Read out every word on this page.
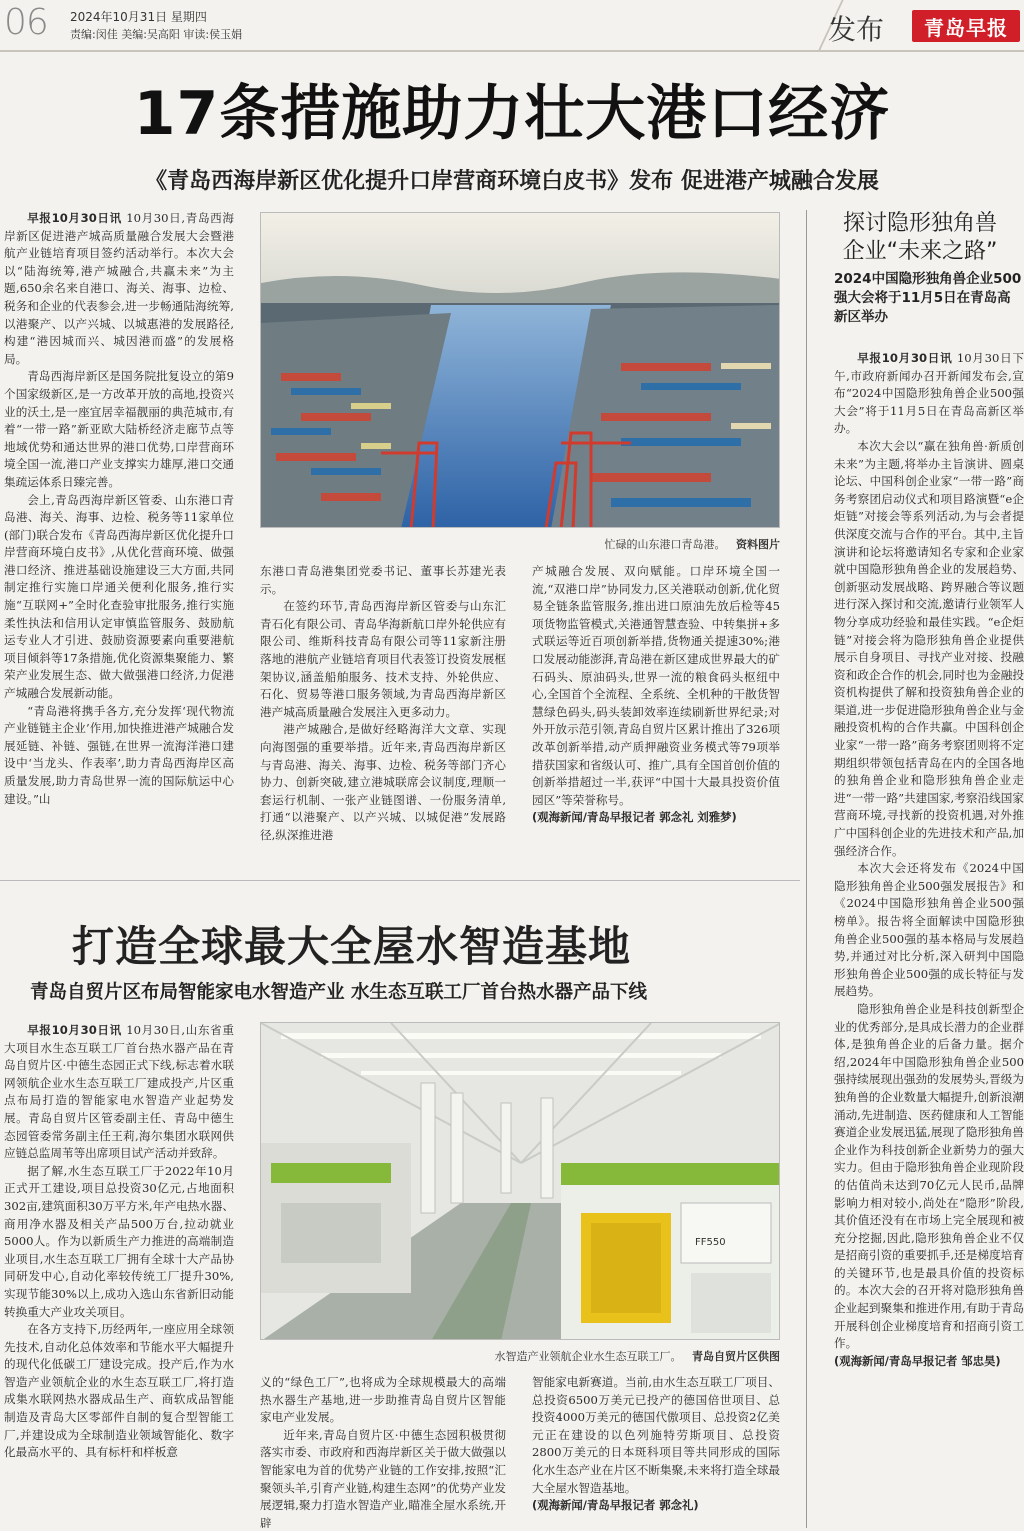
06 2024年10月31日 星期四
责编:闵佳 美编:吴高阳 审读:侯玉娟	发布	青岛早报
17条措施助力壮大港口经济
《青岛西海岸新区优化提升口岸营商环境白皮书》发布 促进港产城融合发展

早报10月30日讯 10月30日,青岛西海岸新区促进港产城高质量融合发展大会暨港航产业链培育项目签约活动举行。本次大会以“陆海统筹,港产城融合,共赢未来”为主题,650余名来自港口、海关、海事、边检、税务和企业的代表参会,进一步畅通陆海统筹,以港聚产、以产兴城、以城惠港的发展路径,构建“港因城而兴、城因港而盛”的发展格局。

青岛西海岸新区是国务院批复设立的第9个国家级新区,是一方改革开放的高地,投资兴业的沃土,是一座宜居幸福靓丽的典范城市,有着“一带一路”新亚欧大陆桥经济走廊节点等地域优势和通达世界的港口优势,口岸营商环境全国一流,港口产业支撑实力雄厚,港口交通集疏运体系日臻完善。

会上,青岛西海岸新区管委、山东港口青岛港、海关、海事、边检、税务等11家单位(部门)联合发布《青岛西海岸新区优化提升口岸营商环境白皮书》,从优化营商环境、做强港口经济、推进基础设施建设三大方面,共同制定推行实施口岸通关便利化服务,推行实施“互联网+”全时化查验审批服务,推行实施柔性执法和信用认定审慎监管服务、鼓励航运专业人才引进、鼓励资源要素向重要港航项目倾斜等17条措施,优化资源集聚能力、繁荣产业发展生态、做大做强港口经济,力促港产城融合发展新动能。

“青岛港将携手各方,充分发挥‘现代物流产业链链主企业’作用,加快推进港产城融合发展延链、补链、强链,在世界一流海洋港口建设中‘当龙头、作表率’,助力青岛西海岸区高质量发展,助力青岛世界一流的国际航运中心建设。”山

忙碌的山东港口青岛港。 资料图片

东港口青岛港集团党委书记、董事长苏建光表示。

在签约环节,青岛西海岸新区管委与山东汇青石化有限公司、青岛华海新航口岸外轮供应有限公司、维斯科技青岛有限公司等11家新注册落地的港航产业链培育项目代表签订投资发展框架协议,涵盖船舶服务、技术支持、外轮供应、石化、贸易等港口服务领域,为青岛西海岸新区港产城高质量融合发展注入更多动力。

港产城融合,是做好经略海洋大文章、实现向海图强的重要举措。近年来,青岛西海岸新区与青岛港、海关、海事、边检、税务等部门齐心协力、创新突破,建立港城联席会议制度,理顺一套运行机制、一张产业链图谱、一份服务清单,打通“以港聚产、以产兴城、以城促港”发展路径,纵深推进港

产城融合发展、双向赋能。口岸环境全国一流,“双港口岸”协同发力,区关港联动创新,优化贸易全链条监管服务,推出进口原油先放后检等45项货物监管模式,关港通智慧查验、中转集拼+多式联运等近百项创新举措,货物通关提速30%;港口发展动能澎湃,青岛港在新区建成世界最大的矿石码头、原油码头,世界一流的粮食码头枢纽中心,全国首个全流程、全系统、全机种的干散货智慧绿色码头,码头装卸效率连续刷新世界纪录;对外开放示范引领,青岛自贸片区累计推出了326项改革创新举措,动产质押融资业务模式等79项举措获国家和省级认可、推广,具有全国首创价值的创新举措超过一半,获评“中国十大最具投资价值园区”等荣誉称号。

(观海新闻/青岛早报记者 郭念礼 刘雅梦)

打造全球最大全屋水智造基地
青岛自贸片区布局智能家电水智造产业 水生态互联工厂首台热水器产品下线

早报10月30日讯 10月30日,山东省重大项目水生态互联工厂首台热水器产品在青岛自贸片区·中德生态园正式下线,标志着水联网领航企业水生态互联工厂建成投产,片区重点布局打造的智能家电水智造产业起势发展。青岛自贸片区管委副主任、青岛中德生态园管委常务副主任王莉,海尔集团水联网供应链总监周苇等出席项目试产活动并致辞。

据了解,水生态互联工厂于2022年10月正式开工建设,项目总投资30亿元,占地面积302亩,建筑面积30万平方米,年产电热水器、商用净水器及相关产品500万台,拉动就业5000人。作为以新质生产力推进的高端制造业项目,水生态互联工厂拥有全球十大产品协同研发中心,自动化率较传统工厂提升30%,实现节能30%以上,成功入选山东省新旧动能转换重大产业攻关项目。

在各方支持下,历经两年,一座应用全球领先技术,自动化总体效率和节能水平大幅提升的现代化低碳工厂建设完成。投产后,作为水智造产业领航企业的水生态互联工厂,将打造成集水联网热水器成品生产、商软成品智能制造及青岛大区零部件自制的复合型智能工厂,并建设成为全球制造业领域智能化、数字化最高水平的、具有标杆和样板意

FF550
水智造产业领航企业水生态互联工厂。 青岛自贸片区供图

义的“绿色工厂”,也将成为全球规模最大的高端热水器生产基地,进一步助推青岛自贸片区智能家电产业发展。

近年来,青岛自贸片区·中德生态园积极贯彻落实市委、市政府和西海岸新区关于做大做强以智能家电为首的优势产业链的工作安排,按照“汇聚领头羊,引育产业链,构建生态网”的优势产业发展逻辑,聚力打造水智造产业,瞄准全屋水系统,开辟

智能家电新赛道。当前,由水生态互联工厂项目、总投资6500万美元已投产的德国倍世项目、总投资4000万美元的德国代傲项目、总投资2亿美元正在建设的以色列施特劳斯项目、总投资2800万美元的日本斑科项目等共同形成的国际化水生态产业在片区不断集聚,未来将打造全球最大全屋水智造基地。

(观海新闻/青岛早报记者 郭念礼)

探讨隐形独角兽
企业“未来之路”
2024中国隐形独角兽企业500强大会将于11月5日在青岛高新区举办

早报10月30日讯 10月30日下午,市政府新闻办召开新闻发布会,宣布“2024中国隐形独角兽企业500强大会”将于11月5日在青岛高新区举办。

本次大会以“赢在独角兽·新质创未来”为主题,将举办主旨演讲、圆桌论坛、中国科创企业家“一带一路”商务考察团启动仪式和项目路演暨“e企炬链”对接会等系列活动,为与会者提供深度交流与合作的平台。其中,主旨演讲和论坛将邀请知名专家和企业家就中国隐形独角兽企业的发展趋势、创新驱动发展战略、跨界融合等议题进行深入探讨和交流,邀请行业领军人物分享成功经验和最佳实践。“e企炬链”对接会将为隐形独角兽企业提供展示自身项目、寻找产业对接、投融资和政企合作的机会,同时也为金融投资机构提供了解和投资独角兽企业的渠道,进一步促进隐形独角兽企业与金融投资机构的合作共赢。中国科创企业家“一带一路”商务考察团则将不定期组织带领包括青岛在内的全国各地的独角兽企业和隐形独角兽企业走进“一带一路”共建国家,考察沿线国家营商环境,寻找新的投资机遇,对外推广中国科创企业的先进技术和产品,加强经济合作。

本次大会还将发布《2024中国隐形独角兽企业500强发展报告》和《2024中国隐形独角兽企业500强榜单》。报告将全面解读中国隐形独角兽企业500强的基本格局与发展趋势,并通过对比分析,深入研判中国隐形独角兽企业500强的成长特征与发展趋势。

隐形独角兽企业是科技创新型企业的优秀部分,是具成长潜力的企业群体,是独角兽企业的后备力量。据介绍,2024年中国隐形独角兽企业500强持续展现出强劲的发展势头,晋级为独角兽的企业数量大幅提升,创新浪潮涌动,先进制造、医药健康和人工智能赛道企业发展迅猛,展现了隐形独角兽企业作为科技创新企业新势力的强大实力。但由于隐形独角兽企业现阶段的估值尚未达到70亿元人民币,品牌影响力相对较小,尚处在“隐形”阶段,其价值还没有在市场上完全展现和被充分挖掘,因此,隐形独角兽企业不仅是招商引资的重要抓手,还是梯度培育的关键环节,也是最具价值的投资标的。本次大会的召开将对隐形独角兽企业起到聚集和推进作用,有助于青岛开展科创企业梯度培育和招商引资工作。

(观海新闻/青岛早报记者 邹忠昊)
